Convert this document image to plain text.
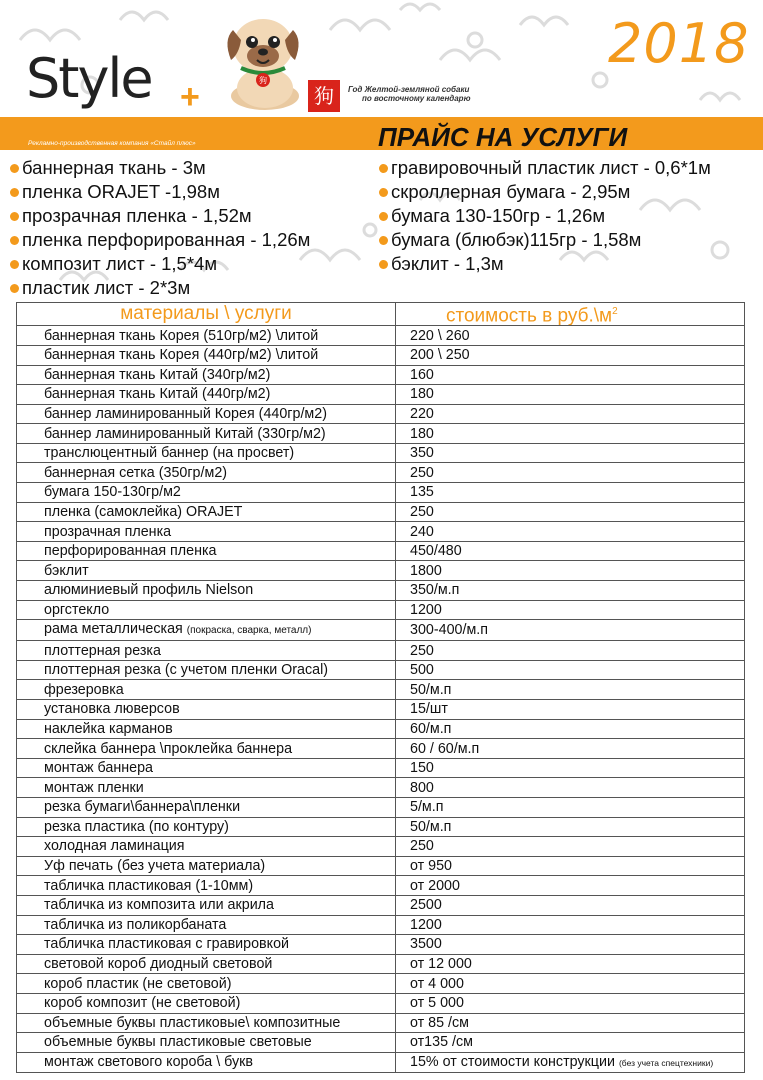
Style +	狗
狗	Год Желтой-земляной собаки
по восточному календарю
2018
Рекламно-производственная компания «Стайл плюс»	ПРАЙС НА УСЛУГИ
баннерная ткань - 3м
пленка ORAJET -1,98м
прозрачная пленка - 1,52м
пленка перфорированная - 1,26м
композит лист - 1,5*4м
пластик лист - 2*3м
гравировочный пластик лист - 0,6*1м
скроллерная бумага - 2,95м
бумага 130-150гр - 1,26м
бумага (блюбэк)115гр - 1,58м
бэклит - 1,3м
материалы \ услуги	стоимость в $руб.\backslash м^2$
баннерная ткань Корея (510гр/м2) \литой	220 \ 260
баннерная ткань Корея (440гр/м2) \литой	200 \ 250
баннерная ткань Китай (340гр/м2)	160
баннерная ткань Китай (440гр/м2)	180
баннер ламинированный Корея (440гр/м2)	220
баннер ламинированный Китай (330гр/м2)	180
транслюцентный баннер (на просвет)	350
баннерная сетка (350гр/м2)	250
бумага 150-130гр/м2	135
пленка (самоклейка) ORAJET	250
прозрачная пленка	240
перфорированная пленка	450/480
бэклит	1800
алюминиевый профиль Nielson	350/м.п
оргстекло	1200
рама металлическая (покраска, сварка, металл)	300-400/м.п
плоттерная резка	250
плоттерная резка (с учетом пленки Oracal)	500
фрезеровка	50/м.п
установка люверсов	15/шт
наклейка карманов	60/м.п
склейка баннера \проклейка баннера	60 / 60/м.п
монтаж баннера	150
монтаж пленки	800
резка бумаги\баннера\пленки	5/м.п
резка пластика (по контуру)	50/м.п
холодная ламинация	250
Уф печать (без учета материала)	от 950
табличка пластиковая (1-10мм)	от 2000
табличка из композита или акрила	2500
табличка из поликорбаната	1200
табличка пластиковая с гравировкой	3500
световой короб диодный световой	от 12 000
короб пластик (не световой)	от 4 000
короб композит (не световой)	от 5 000
объемные буквы пластиковые\ композитные	от 85 /см
объемные буквы пластиковые световые	от135 /см
монтаж светового короба \ букв	15% от стоимости конструкции (без учета спецтехники)
